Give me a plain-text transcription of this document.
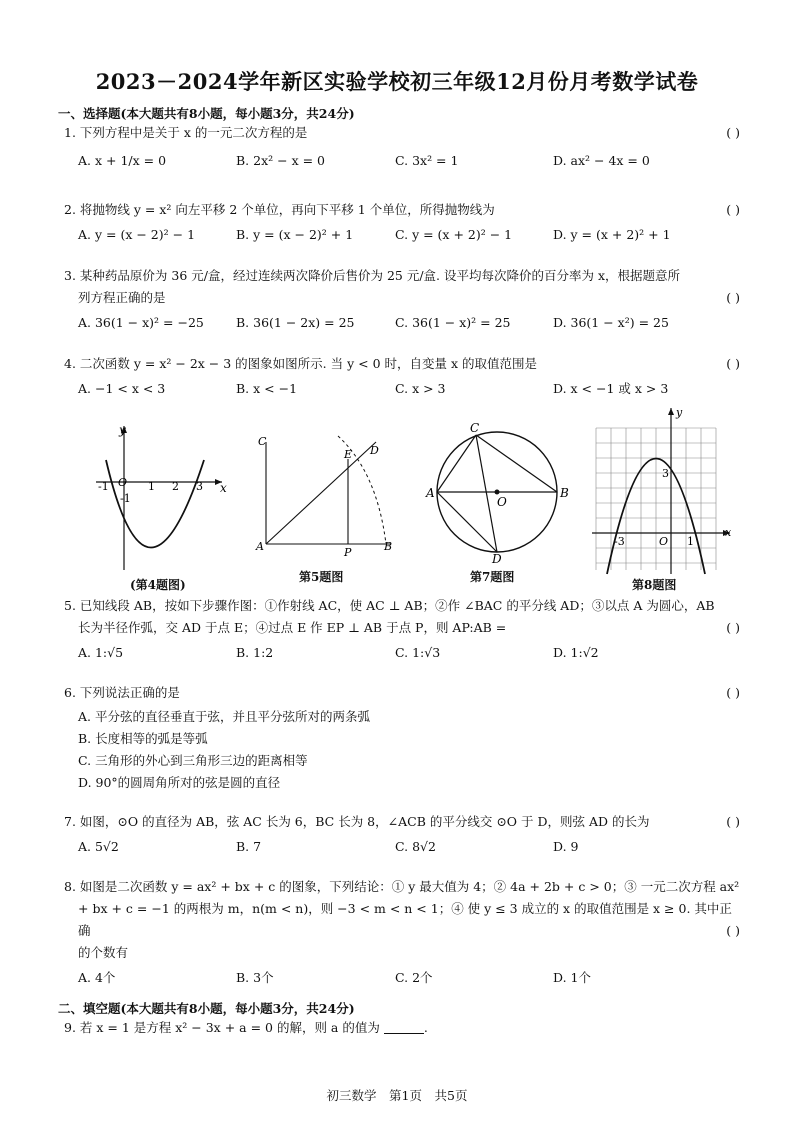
2023－2024学年新区实验学校初三年级12月份月考数学试卷
一、选择题(本大题共有8小题，每小题3分，共24分)
1. 下列方程中是关于 x 的一元二次方程的是	( )
A. x + 1/x = 0	B. 2x² − x = 0	C. 3x² = 1	D. ax² − 4x = 0
2. 将抛物线 y = x² 向左平移 2 个单位，再向下平移 1 个单位，所得抛物线为	( )
A. y = (x − 2)² − 1	B. y = (x − 2)² + 1	C. y = (x + 2)² − 1	D. y = (x + 2)² + 1
3. 某种药品原价为 36 元/盒，经过连续两次降价后售价为 25 元/盒. 设平均每次降价的百分率为 x，根据题意所
列方程正确的是	( )
A. 36(1 − x)² = −25	B. 36(1 − 2x) = 25	C. 36(1 − x)² = 25	D. 36(1 − x²) = 25
4. 二次函数 y = x² − 2x − 3 的图象如图所示. 当 y < 0 时，自变量 x 的取值范围是	( )
A. −1 < x < 3	B. x < −1	C. x > 3	D. x < −1 或 x > 3
y
x
O
-1	1 2 3
-1
(第4题图)
C
E D
A	P	B
第5题图
C
A
O
B
D
第7题图
y
x
O
3
-3	1
第8题图
5. 已知线段 AB，按如下步骤作图：①作射线 AC，使 AC ⊥ AB；②作 ∠BAC 的平分线 AD；③以点 A 为圆心，AB
长为半径作弧，交 AD 于点 E；④过点 E 作 EP ⊥ AB 于点 P，则 AP:AB =	( )
A. 1:√5	B. 1:2	C. 1:√3	D. 1:√2
6. 下列说法正确的是	( )
A. 平分弦的直径垂直于弦，并且平分弦所对的两条弧
B. 长度相等的弧是等弧
C. 三角形的外心到三角形三边的距离相等
D. 90°的圆周角所对的弦是圆的直径
7. 如图，⊙O 的直径为 AB，弦 AC 长为 6，BC 长为 8，∠ACB 的平分线交 ⊙O 于 D，则弦 AD 的长为	( )
A. 5√2	B. 7	C. 8√2	D. 9
8. 如图是二次函数 y = ax² + bx + c 的图象，下列结论：① y 最大值为 4；② 4a + 2b + c > 0；③ 一元二次方程 ax²
+ bx + c = −1 的两根为 m，n(m < n)，则 −3 < m < n < 1；④ 使 y ≤ 3 成立的 x 的取值范围是 x ≥ 0. 其中正确
的个数有
( )
A. 4个	B. 3个	C. 2个	D. 1个
二、填空题(本大题共有8小题，每小题3分，共24分)
9. 若 x = 1 是方程 x² − 3x + a = 0 的解，则 a 的值为	.
初三数学　第1页　共5页
